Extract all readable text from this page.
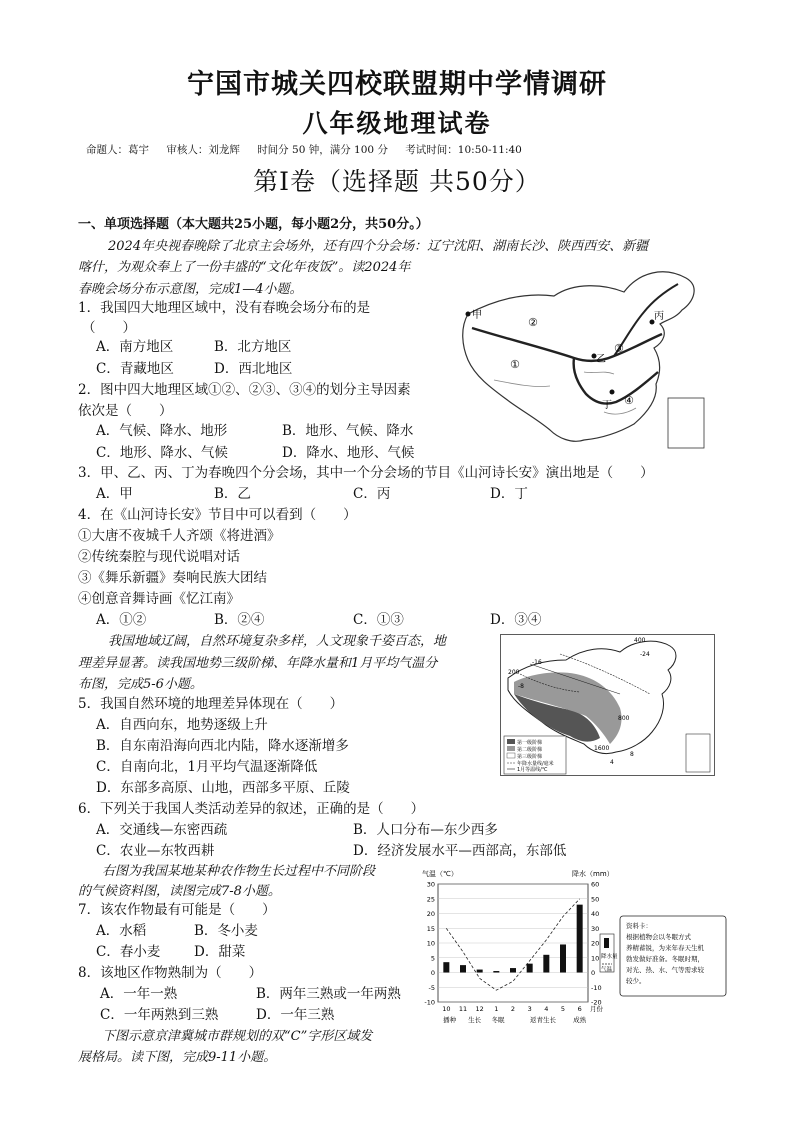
宁国市城关四校联盟期中学情调研
八年级地理试卷
命题人：葛宇 审核人：刘龙辉 时间分 50 钟，满分 100 分 考试时间：10:50-11:40
第Ⅰ卷（选择题 共50分）
一、单项选择题（本大题共25小题，每小题2分，共50分。）
2024年央视春晚除了北京主会场外，还有四个分会场：辽宁沈阳、湖南长沙、陕西西安、新疆
喀什，为观众奉上了一份丰盛的“文化年夜饭”。读2024年
春晚会场分布示意图，完成1—4小题。
1．我国四大地理区域中，没有春晚会场分布的是
（　　）
A．南方地区	B．北方地区
C．青藏地区	D．西北地区
2．图中四大地理区域①②、②③、③④的划分主导因素
依次是（　　）
A．气候、降水、地形	B．地形、气候、降水
C．地形、降水、气候	D．降水、地形、气候
3．甲、乙、丙、丁为春晚四个分会场，其中一个分会场的节目《山河诗长安》演出地是（　　）
A．甲	B．乙	C．丙	D．丁
4．在《山河诗长安》节目中可以看到（　　）
①大唐不夜城千人齐颂《将进酒》
②传统秦腔与现代说唱对话
③《舞乐新疆》奏响民族大团结
④创意音舞诗画《忆江南》
A．①②	B．②④	C．①③	D．③④
我国地域辽阔，自然环境复杂多样，人文现象千姿百态，地
理差异显著。读我国地势三级阶梯、年降水量和1月平均气温分
布图，完成5-6小题。
5．我国自然环境的地理差异体现在（　　）
A．自西向东，地势逐级上升
B．自东南沿海向西北内陆，降水逐渐增多
C．自南向北，1月平均气温逐渐降低
D．东部多高原、山地，西部多平原、丘陵
6．下列关于我国人类活动差异的叙述，正确的是（　　）
A．交通线—东密西疏	B．人口分布—东少西多
C．农业—东牧西耕	D．经济发展水平—西部高，东部低
右图为我国某地某种农作物生长过程中不同阶段
的气候资料图，读图完成7-8小题。
7．该农作物最有可能是（　　）
A．水稻	B．冬小麦
C．春小麦 D．甜菜
8．该地区作物熟制为（　　）
A．一年一熟	B．两年三熟或一年两熟
C．一年两熟到三熟	D．一年三熟
下图示意京津冀城市群规划的双“C”字形区域发
展格局。读下图，完成9-11小题。
甲
乙
丙
丁
①
②
③
④
-16
-8
-24
200
400
800
1600
4
8
第一级阶梯
第二级阶梯
第三级阶梯
年降水量线/毫米
1月等温线/℃
气温（℃）	降水（mm）
30	60
25	50
20	40
15	30
10	20
5	10
0	0
-5	-10
-10	-20
10 11 12 1 2 3 4 5 6 月份
播种 生长 冬眠	返青生长	成熟
降水量
气温
资料卡：
根据植物会以冬眠方式
养精蓄锐，为来年春天生机
勃发做好准备。冬眠时期，
对光、热、水、气等需求较
较少。
